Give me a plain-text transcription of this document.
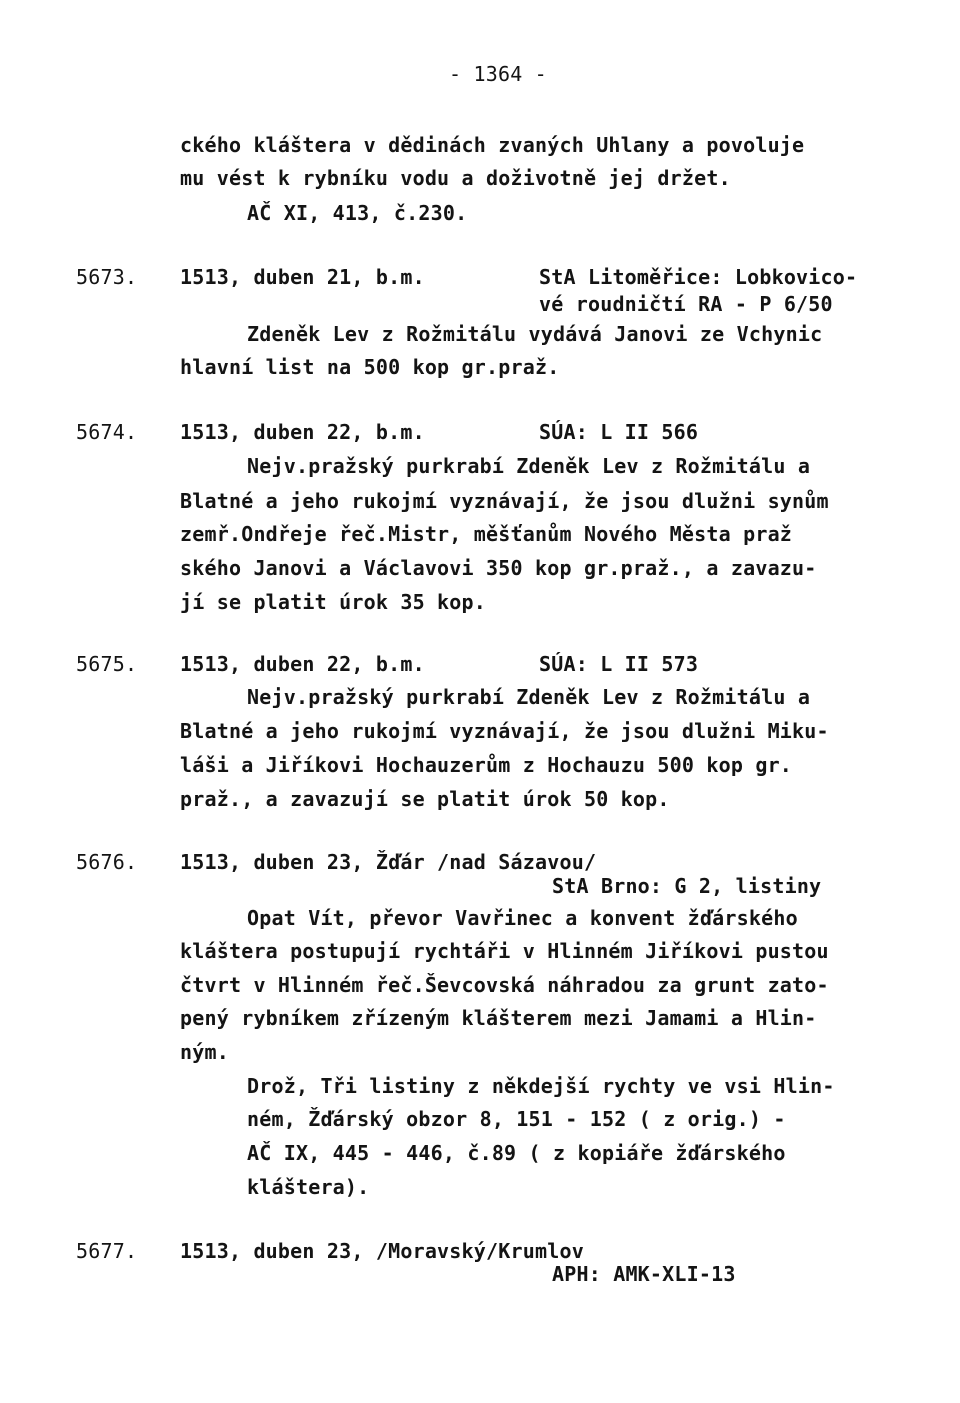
- 1364 -
ckého kláštera v dědinách zvaných Uhlany a povoluje
mu vést k rybníku vodu a doživotně jej držet.
AČ XI, 413, č.230.
5673. 1513, duben 21, b.m.	StA Litoměřice: Lobkovico-
vé roudničtí RA - P 6/50
Zdeněk Lev z Rožmitálu vydává Janovi ze Vchynic
hlavní list na 500 kop gr.praž.
5674. 1513, duben 22, b.m.	SÚA: L II 566
Nejv.pražský purkrabí Zdeněk Lev z Rožmitálu a
Blatné a jeho rukojmí vyznávají, že jsou dlužni synům
zemř.Ondřeje řeč.Mistr, měšťanům Nového Města praž
ského Janovi a Václavovi 350 kop gr.praž., a zavazu-
jí se platit úrok 35 kop.
5675. 1513, duben 22, b.m.	SÚA: L II 573
Nejv.pražský purkrabí Zdeněk Lev z Rožmitálu a
Blatné a jeho rukojmí vyznávají, že jsou dlužni Miku-
láši a Jiříkovi Hochauzerům z Hochauzu 500 kop gr.
praž., a zavazují se platit úrok 50 kop.
5676. 1513, duben 23, Žďár /nad Sázavou/
StA Brno: G 2, listiny
Opat Vít, převor Vavřinec a konvent žďárského
kláštera postupují rychtáři v Hlinném Jiříkovi pustou
čtvrt v Hlinném řeč.Ševcovská náhradou za grunt zato-
pený rybníkem zřízeným klášterem mezi Jamami a Hlin-
ným.
Drož, Tři listiny z někdejší rychty ve vsi Hlin-
ném, Žďárský obzor 8, 151 - 152 ( z orig.) -
AČ IX, 445 - 446, č.89 ( z kopiáře žďárského
kláštera).
5677. 1513, duben 23, /Moravský/Krumlov
APH: AMK-XLI-13
